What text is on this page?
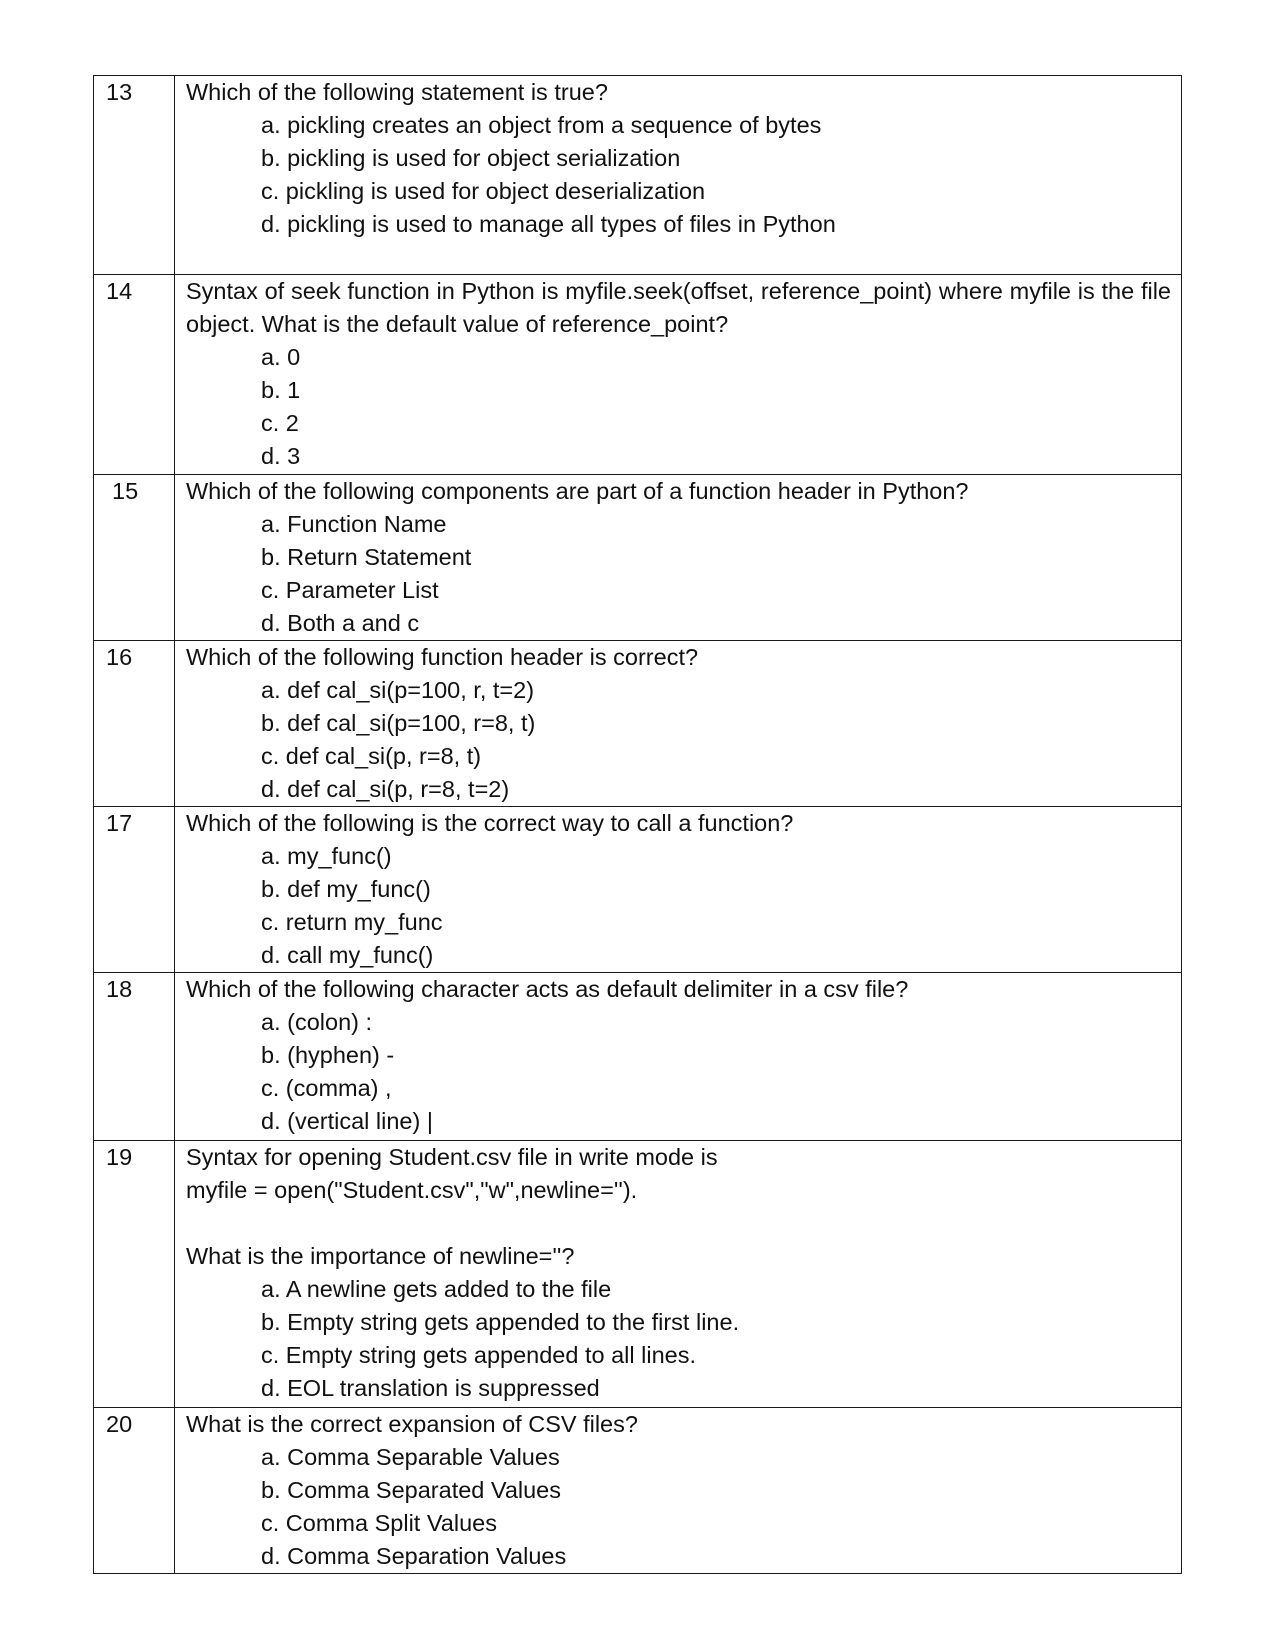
13	Which of the following statement is true?

a. pickling creates an object from a sequence of bytes

b. pickling is used for object serialization

c. pickling is used for object deserialization

d. pickling is used to manage all types of files in Python

14	Syntax of seek function in Python is myfile.seek(offset, reference_point) where myfile is the file object. What is the default value of reference_point?

a. 0

b. 1

c. 2

d. 3

15	Which of the following components are part of a function header in Python?

a. Function Name

b. Return Statement

c. Parameter List

d. Both a and c

16	Which of the following function header is correct?

a. def cal_si(p=100, r, t=2)

b. def cal_si(p=100, r=8, t)

c. def cal_si(p, r=8, t)

d. def cal_si(p, r=8, t=2)

17	Which of the following is the correct way to call a function?

a. my_func()

b. def my_func()

c. return my_func

d. call my_func()

18	Which of the following character acts as default delimiter in a csv file?

a. (colon) :

b. (hyphen) -

c. (comma) ,

d. (vertical line) |

19	Syntax for opening Student.csv file in write mode is

myfile = open("Student.csv","w",newline='').

What is the importance of newline=''?

a. A newline gets added to the file

b. Empty string gets appended to the first line.

c. Empty string gets appended to all lines.

d. EOL translation is suppressed

20	What is the correct expansion of CSV files?

a. Comma Separable Values

b. Comma Separated Values

c. Comma Split Values

d. Comma Separation Values
